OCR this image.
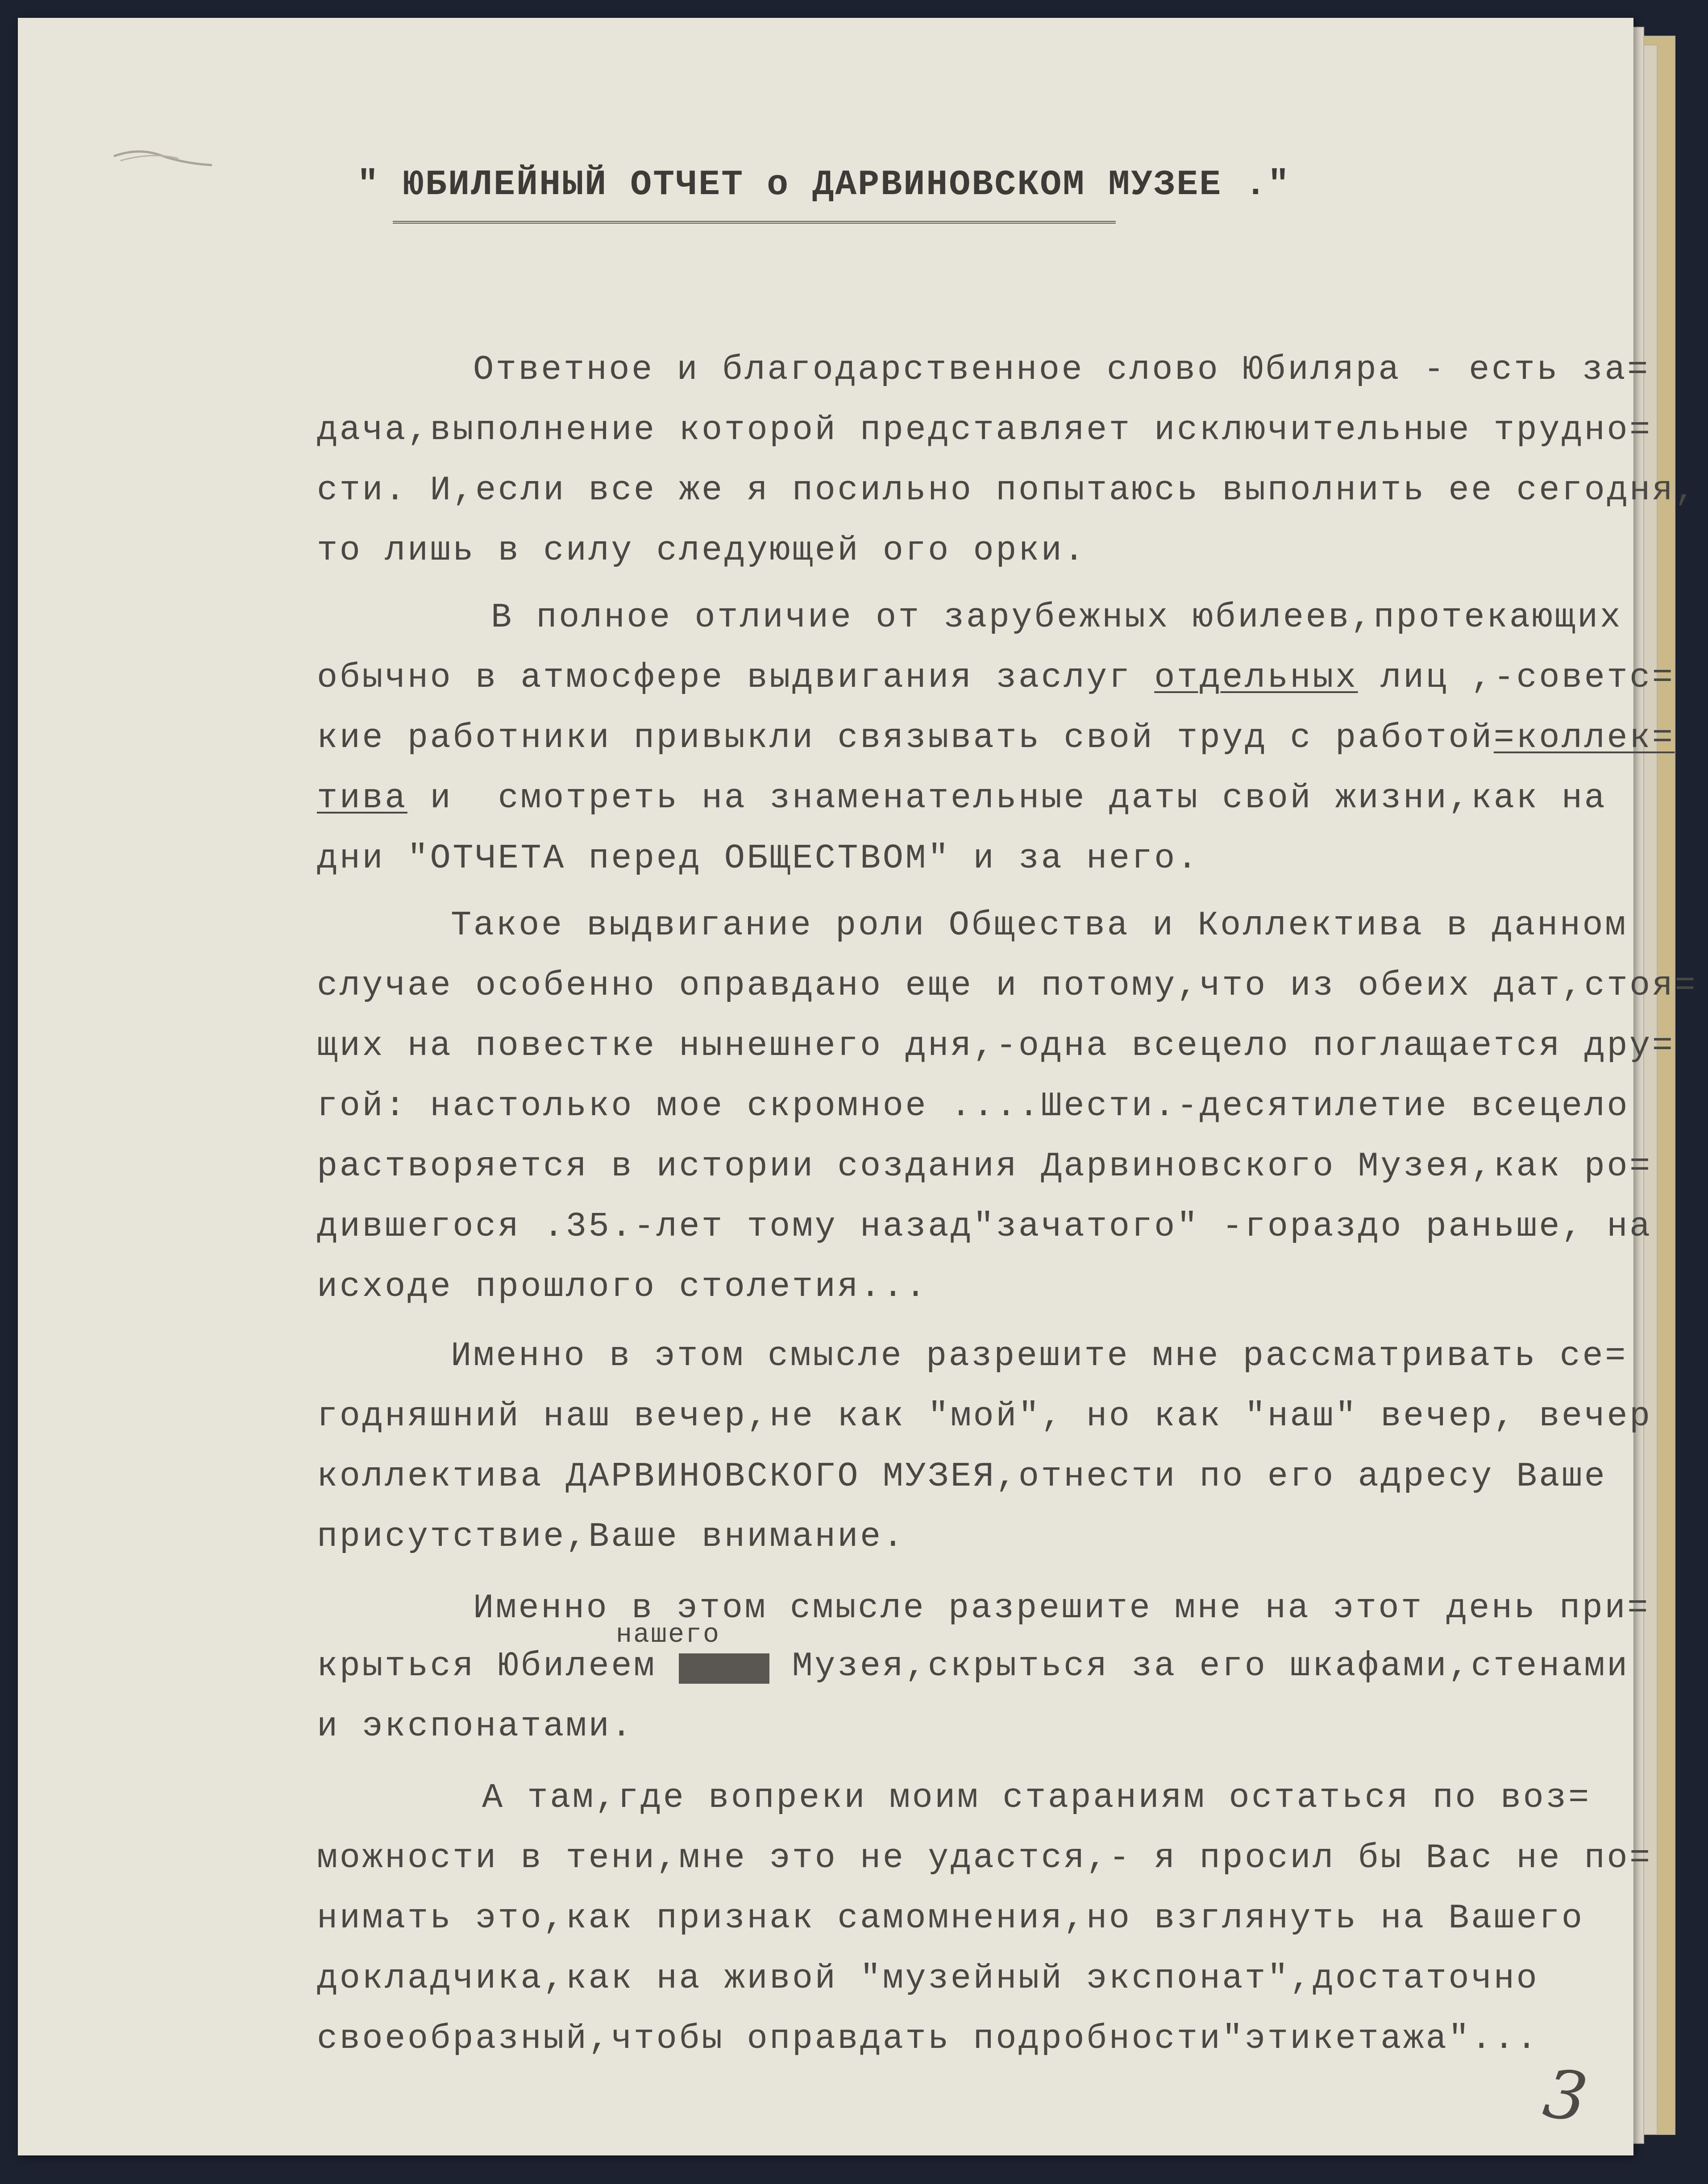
" ЮБИЛЕЙНЫЙ ОТЧЕТ о ДАРВИНОВСКОМ МУЗЕЕ ."
Ответное и благодарственное слово Юбиляра - есть за=
дача,выполнение которой представляет исключительные трудно=
сти. И,если все же я посильно попытаюсь выполнить ее сегодня,
то лишь в силу следующей ого орки.
В полное отличие от зарубежных юбилеев,протекающих
обычно в атмосфере выдвигания заслуг отдельных лиц ,-советс=
кие работники привыкли связывать свой труд с работой=коллек=
тива и  смотреть на знаменательные даты свой жизни,как на
дни "ОТЧЕТА перед ОБЩЕСТВОМ" и за него.
Такое выдвигание роли Общества и Коллектива в данном
случае особенно оправдано еще и потому,что из обеих дат,стоя=
щих на повестке нынешнего дня,-одна всецело поглащается дру=
гой: настолько мое скромное ....Шести.-десятилетие всецело
растворяется в истории создания Дарвиновского Музея,как ро=
дившегося .35.-лет тому назад"зачатого" -гораздо раньше, на
исходе прошлого столетия...
Именно в этом смысле разрешите мне рассматривать се=
годняшний наш вечер,не как "мой", но как "наш" вечер, вечер
коллектива ДАРВИНОВСКОГО МУЗЕЯ,отнести по его адресу Ваше
присутствие,Ваше внимание.
Именно в этом смысле разрешите мне на этот день при=
нашего
крыться Юбилеем	Музея,скрыться за его шкафами,стенами
и экспонатами.
А там,где вопреки моим стараниям остаться по воз=
можности в тени,мне это не удастся,- я просил бы Вас не по=
нимать это,как признак самомнения,но взглянуть на Вашего
докладчика,как на живой "музейный экспонат",достаточно
своеобразный,чтобы оправдать подробности"этикетажа"...
3
